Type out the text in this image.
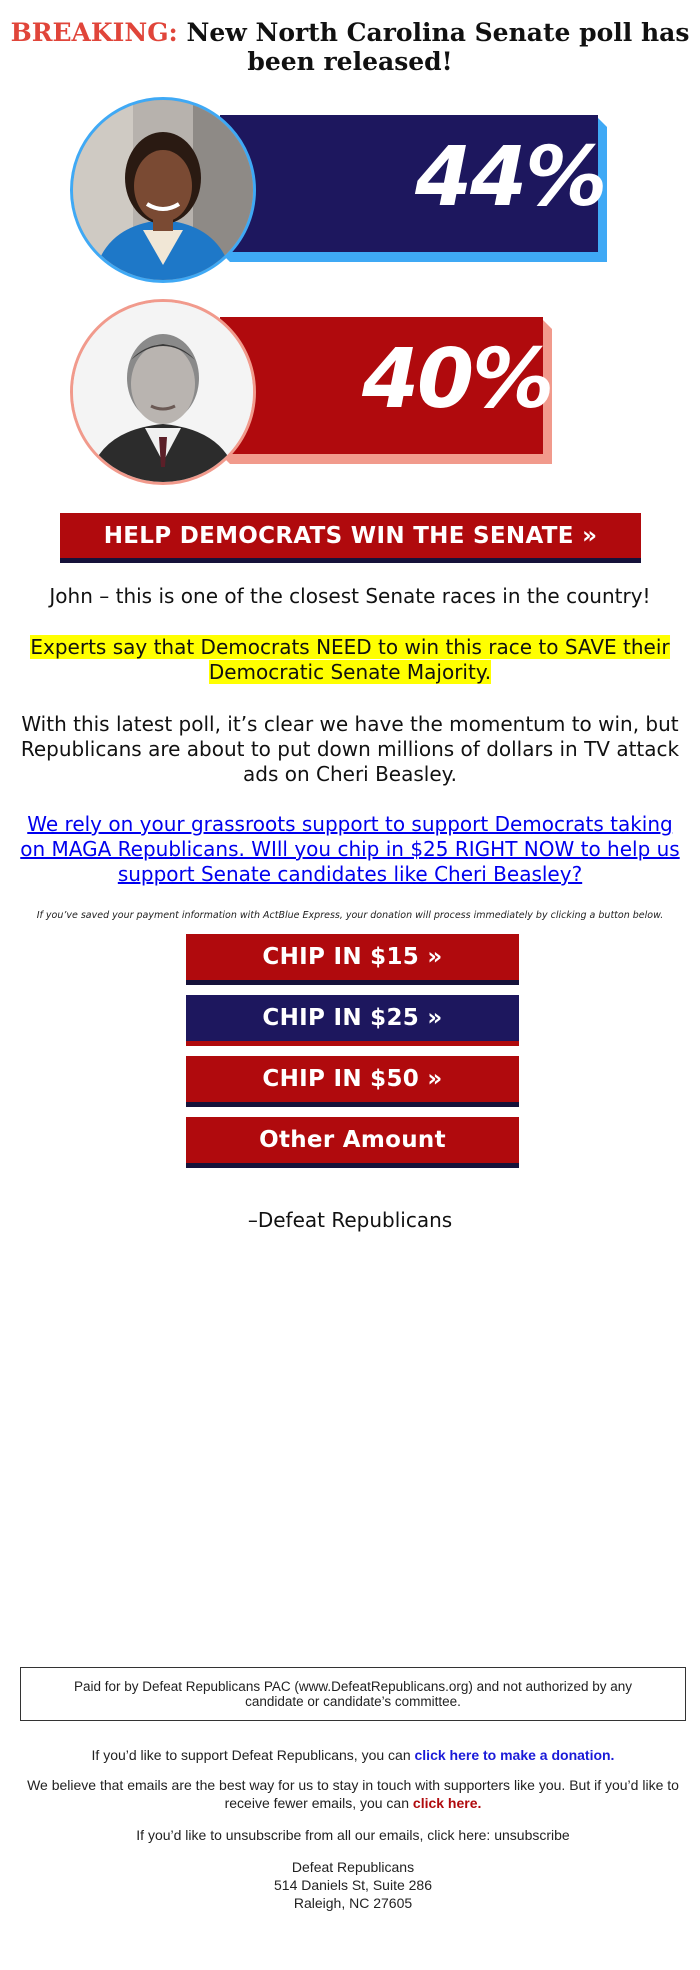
BREAKING: New North Carolina Senate poll has been released!
44%
40%
HELP DEMOCRATS WIN THE SENATE »
John – this is one of the closest Senate races in the country!
Experts say that Democrats NEED to win this race to SAVE their Democratic Senate Majority.
With this latest poll, it’s clear we have the momentum to win, but Republicans are about to put down millions of dollars in TV attack ads on Cheri Beasley.
We rely on your grassroots support to support Democrats taking on MAGA Republicans. WIll you chip in $25 RIGHT NOW to help us support Senate candidates like Cheri Beasley?
If you’ve saved your payment information with ActBlue Express, your donation will process immediately by clicking a button below.
CHIP IN $15 »
CHIP IN $25 »
CHIP IN $50 »
Other Amount
–Defeat Republicans
Paid for by Defeat Republicans PAC (www.DefeatRepublicans.org) and not authorized by any candidate or candidate’s committee.
If you’d like to support Defeat Republicans, you can click here to make a donation.
We believe that emails are the best way for us to stay in touch with supporters like you. But if you’d like to receive fewer emails, you can click here.
If you’d like to unsubscribe from all our emails, click here: unsubscribe
Defeat Republicans
514 Daniels St, Suite 286
Raleigh, NC 27605
